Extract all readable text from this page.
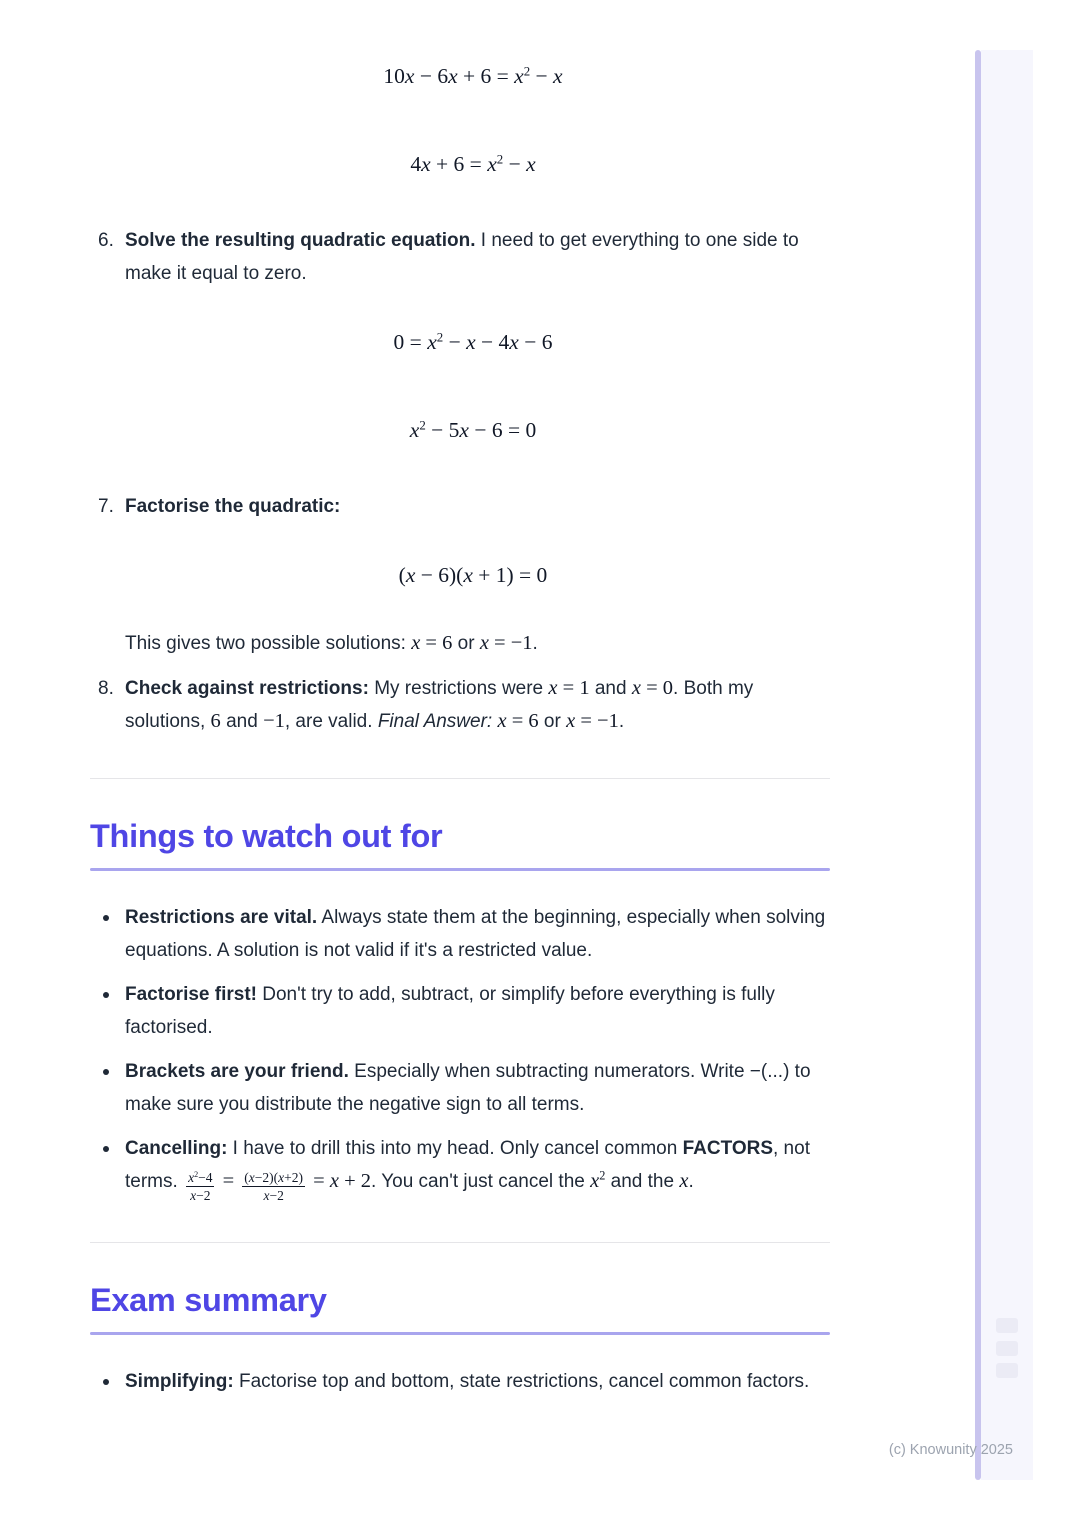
$10x - 6x + 6 = x^2 - x$
$4x + 6 = x^2 - x$
6. Solve the resulting quadratic equation. I need to get everything to one side to make it equal to zero.
$0 = x^2 - x - 4x - 6$
$x^2 - 5x - 6 = 0$
7. Factorise the quadratic:
(x − 6)(x + 1) = 0
This gives two possible solutions: x = 6 or x = −1.
8. Check against restrictions: My restrictions were x = 1 and x = 0. Both my solutions, 6 and −1, are valid. Final Answer: x = 6 or x = −1.
Things to watch out for
Restrictions are vital. Always state them at the beginning, especially when solving equations. A solution is not valid if it's a restricted value.
Factorise first! Don't try to add, subtract, or simplify before everything is fully factorised.
Brackets are your friend. Especially when subtracting numerators. Write −(...) to make sure you distribute the negative sign to all terms.
Cancelling: I have to drill this into my head. Only cancel common FACTORS, not terms. $\frac{x^2-4}{x-2} = \frac{(x-2)(x+2)}{x-2} = x + 2$. You can't just cancel the $x^2$ and the x.
Exam summary
Simplifying: Factorise top and bottom, state restrictions, cancel common factors.
(c) Knowunity 2025
